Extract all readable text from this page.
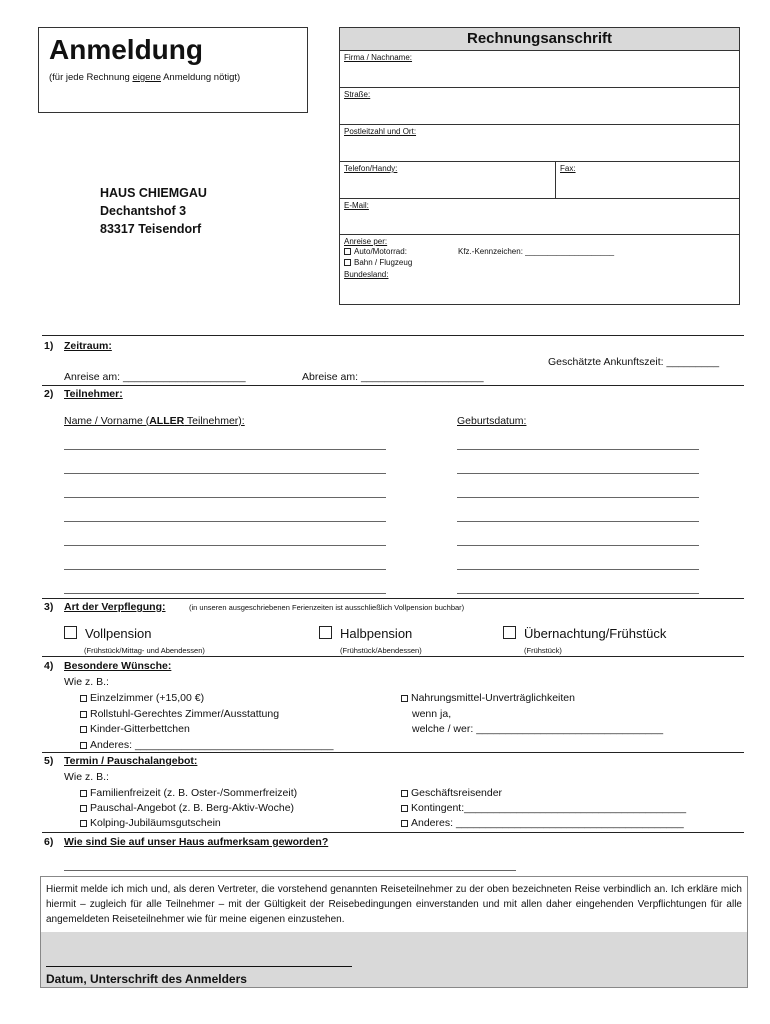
Anmeldung
(für jede Rechnung eigene Anmeldung nötigt)
HAUS CHIEMGAU
Dechantshof 3
83317 Teisendorf
Rechnungsanschrift
Firma / Nachname:
Straße:
Postleitzahl und Ort:
Telefon/Handy:	Fax:
E-Mail:
Anreise per:
Auto/Motorrad:	Kfz.-Kennzeichen: ____________________
Bahn / Flugzeug
Bundesland:
1) Zeitraum:
Geschätzte Ankunftszeit: _________
Anreise am: _____________________	Abreise am: _____________________
2) Teilnehmer:
Name / Vorname (ALLER Teilnehmer):	Geburtsdatum:
3) Art der Verpflegung:	(in unseren ausgeschriebenen Ferienzeiten ist ausschließlich Vollpension buchbar)
Vollpension
(Frühstück/Mittag- und Abendessen)
Halbpension
(Frühstück/Abendessen)
Übernachtung/Frühstück
(Frühstück)
4) Besondere Wünsche:
Wie z. B.:
Einzelzimmer (+15,00 €)
Rollstuhl-Gerechtes Zimmer/Ausstattung
Kinder-Gitterbettchen
Anderes: __________________________________
Nahrungsmittel-Unverträglichkeiten
wenn ja,
welche / wer: ________________________________
5) Termin / Pauschalangebot:
Wie z. B.:
Familienfreizeit (z. B. Oster-/Sommerfreizeit)
Pauschal-Angebot (z. B. Berg-Aktiv-Woche)
Kolping-Jubiläumsgutschein
Geschäftsreisender
Kontingent:______________________________________
Anderes: _______________________________________
6) Wie sind Sie auf unser Haus aufmerksam geworden?
Hiermit melde ich mich und, als deren Vertreter, die vorstehend genannten Reiseteilnehmer zu der oben bezeichneten Reise verbindlich an. Ich erkläre mich hiermit – zugleich für alle Teilnehmer – mit der Gültigkeit der Reisebedingungen einverstanden und mit allen daher eingehenden Verpflichtungen für alle angemeldeten Reiseteilnehmer wie für meine eigenen einzustehen.
Datum, Unterschrift des Anmelders
